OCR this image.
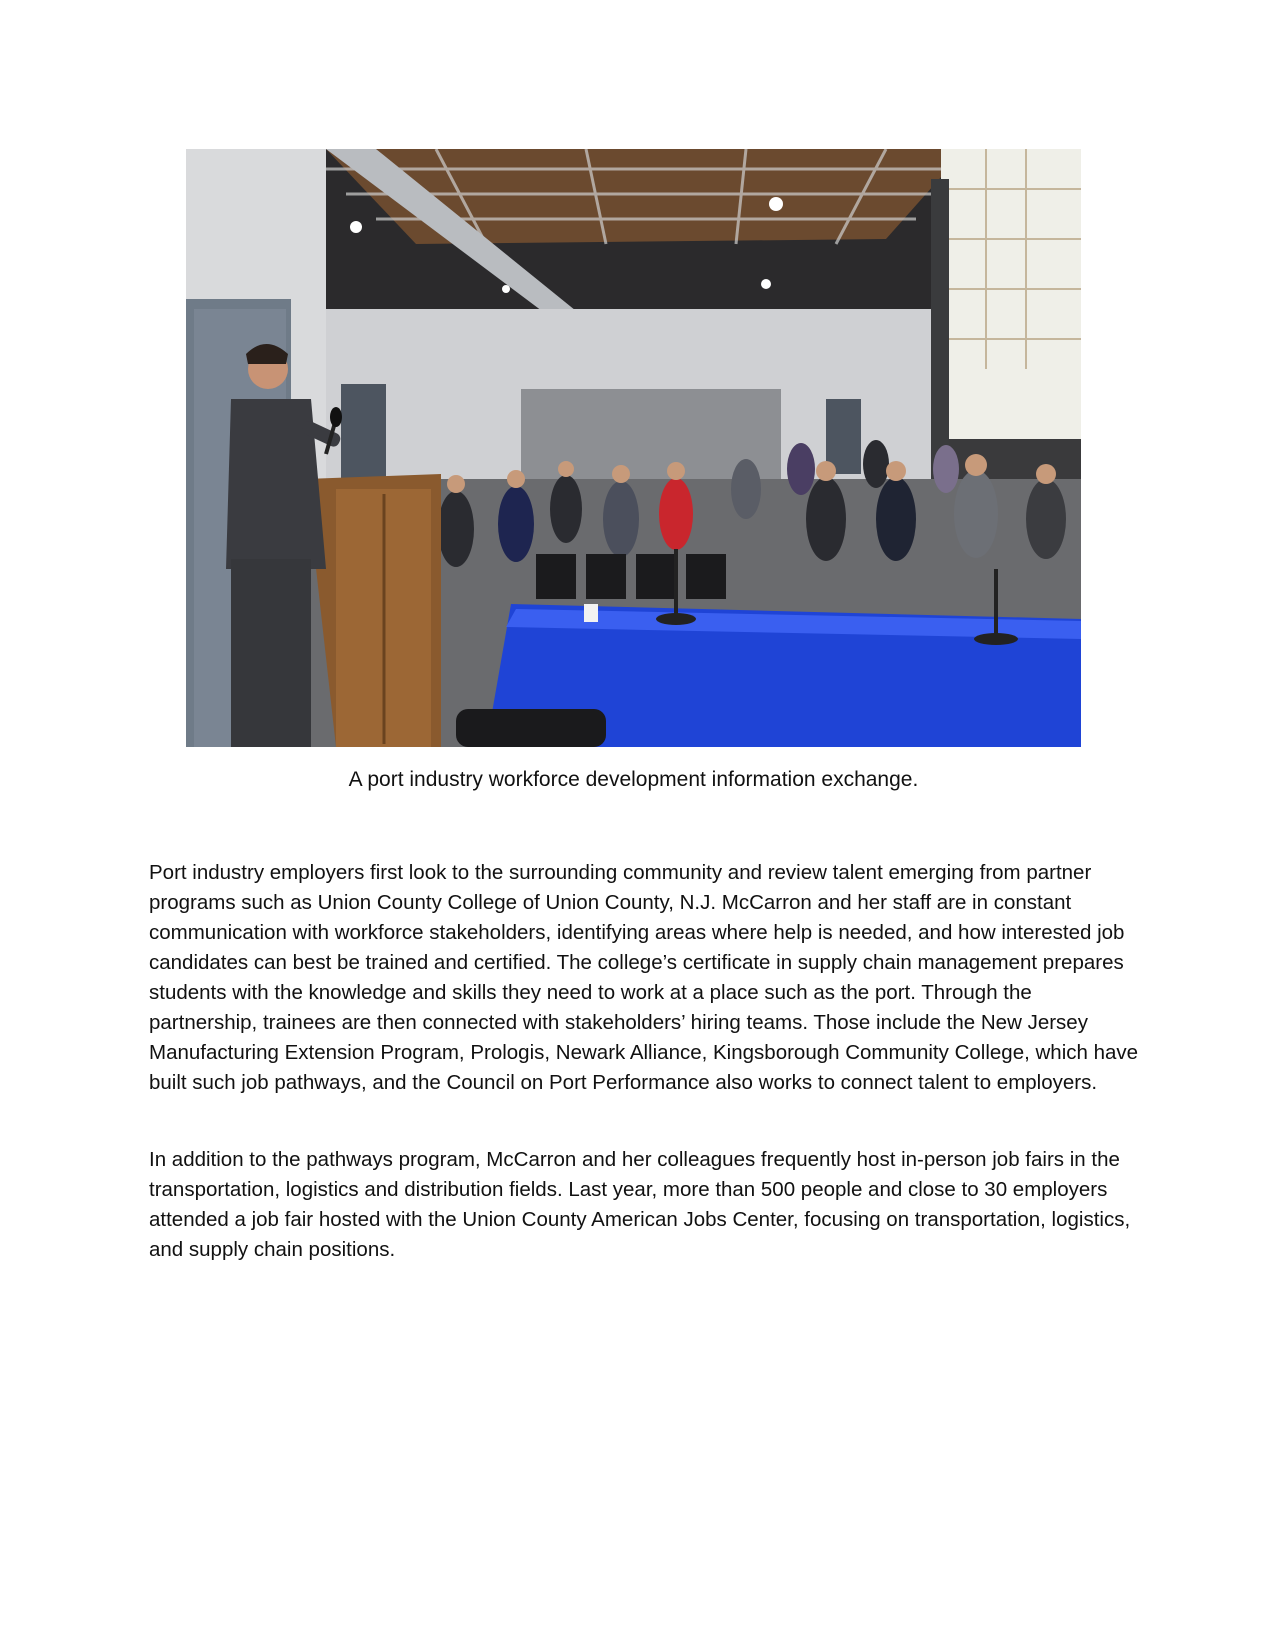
A port industry workforce development information exchange.

Port industry employers first look to the surrounding community and review talent emerging from partner programs such as Union County College of Union County, N.J. McCarron and her staff are in constant communication with workforce stakeholders, identifying areas where help is needed, and how interested job candidates can best be trained and certified. The college’s certificate in supply chain management prepares students with the knowledge and skills they need to work at a place such as the port. Through the partnership, trainees are then connected with stakeholders’ hiring teams. Those include the New Jersey Manufacturing Extension Program, Prologis, Newark Alliance, Kingsborough Community College, which have built such job pathways, and the Council on Port Performance also works to connect talent to employers.

In addition to the pathways program, McCarron and her colleagues frequently host in-person job fairs in the transportation, logistics and distribution fields. Last year, more than 500 people and close to 30 employers attended a job fair hosted with the Union County American Jobs Center, focusing on transportation, logistics, and supply chain positions.
